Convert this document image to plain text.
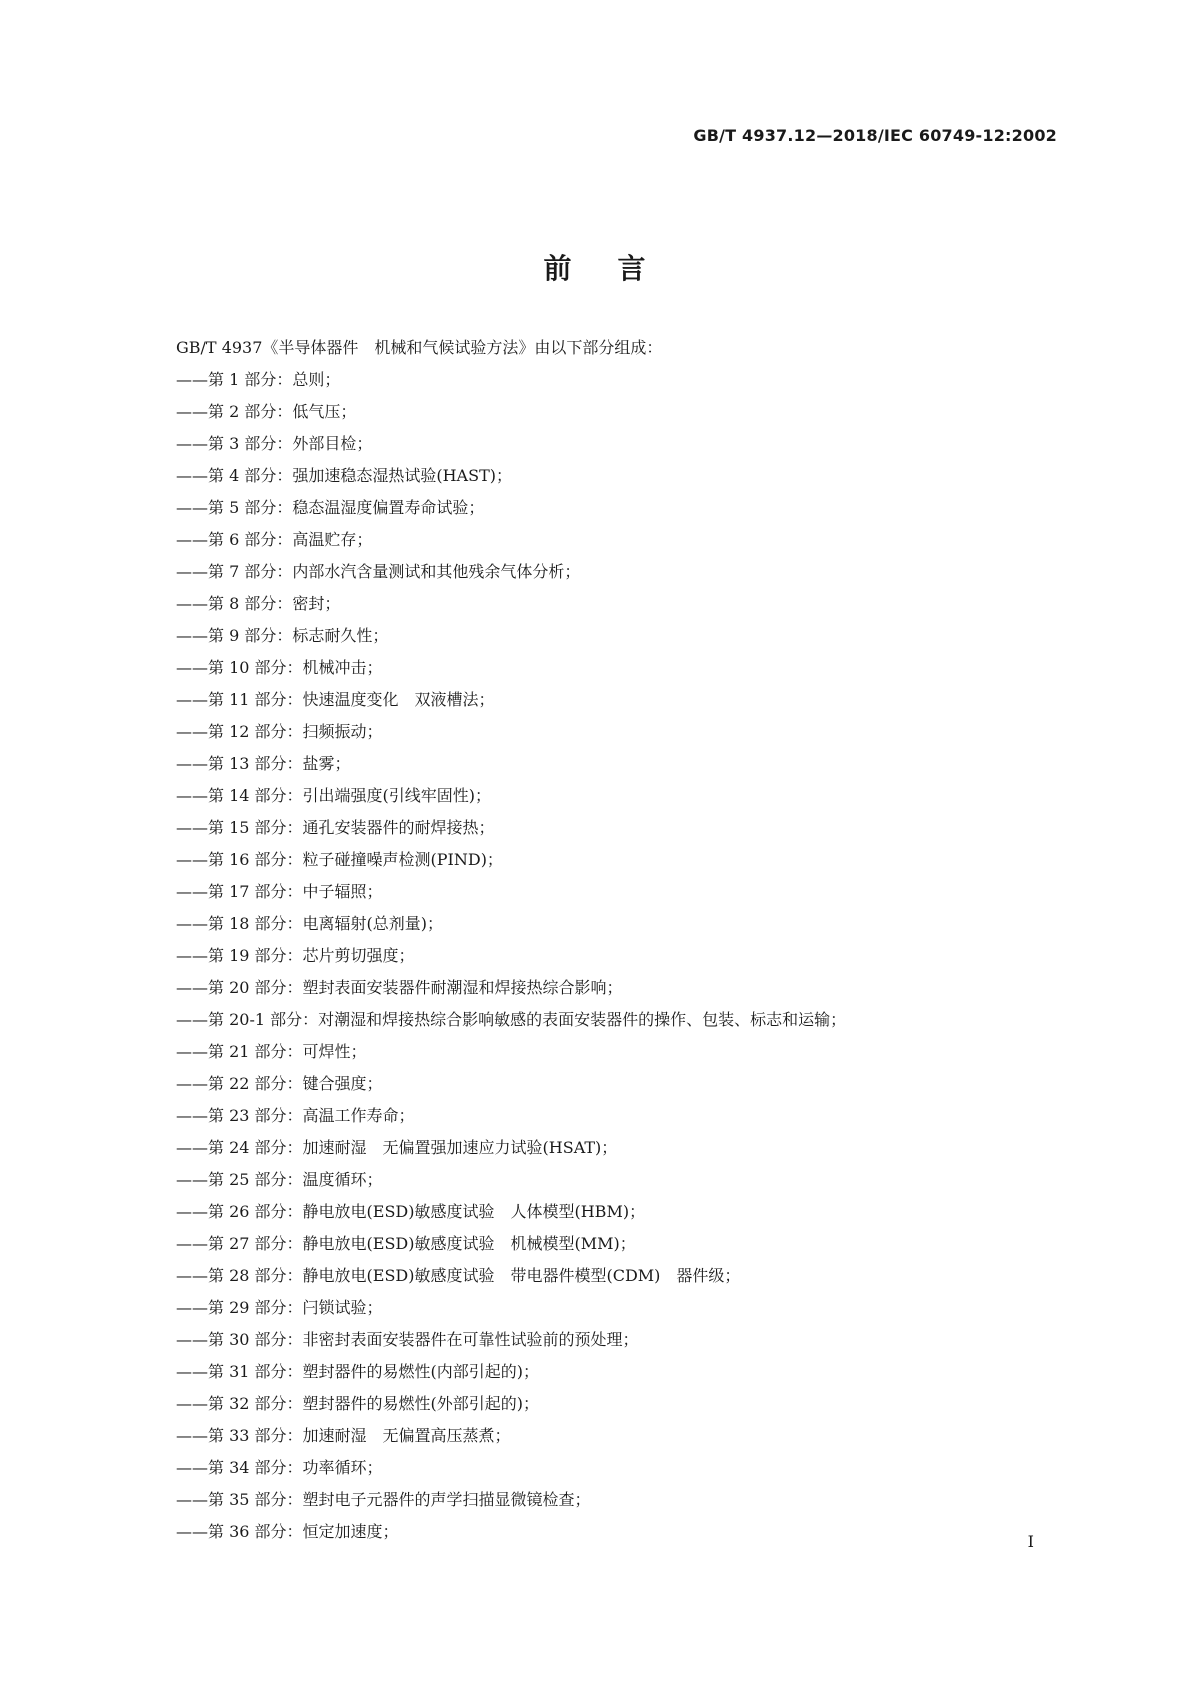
GB/T 4937.12—2018/IEC 60749-12:2002
前 言

GB/T 4937《半导体器件　机械和气候试验方法》由以下部分组成：

——第 1 部分：总则；
——第 2 部分：低气压；
——第 3 部分：外部目检；
——第 4 部分：强加速稳态湿热试验(HAST)；
——第 5 部分：稳态温湿度偏置寿命试验；
——第 6 部分：高温贮存；
——第 7 部分：内部水汽含量测试和其他残余气体分析；
——第 8 部分：密封；
——第 9 部分：标志耐久性；
——第 10 部分：机械冲击；
——第 11 部分：快速温度变化　双液槽法；
——第 12 部分：扫频振动；
——第 13 部分：盐雾；
——第 14 部分：引出端强度(引线牢固性)；
——第 15 部分：通孔安装器件的耐焊接热；
——第 16 部分：粒子碰撞噪声检测(PIND)；
——第 17 部分：中子辐照；
——第 18 部分：电离辐射(总剂量)；
——第 19 部分：芯片剪切强度；
——第 20 部分：塑封表面安装器件耐潮湿和焊接热综合影响；
——第 20-1 部分：对潮湿和焊接热综合影响敏感的表面安装器件的操作、包装、标志和运输；
——第 21 部分：可焊性；
——第 22 部分：键合强度；
——第 23 部分：高温工作寿命；
——第 24 部分：加速耐湿　无偏置强加速应力试验(HSAT)；
——第 25 部分：温度循环；
——第 26 部分：静电放电(ESD)敏感度试验　人体模型(HBM)；
——第 27 部分：静电放电(ESD)敏感度试验　机械模型(MM)；
——第 28 部分：静电放电(ESD)敏感度试验　带电器件模型(CDM)　器件级；
——第 29 部分：闩锁试验；
——第 30 部分：非密封表面安装器件在可靠性试验前的预处理；
——第 31 部分：塑封器件的易燃性(内部引起的)；
——第 32 部分：塑封器件的易燃性(外部引起的)；
——第 33 部分：加速耐湿　无偏置高压蒸煮；
——第 34 部分：功率循环；
——第 35 部分：塑封电子元器件的声学扫描显微镜检查；
——第 36 部分：恒定加速度；
I
